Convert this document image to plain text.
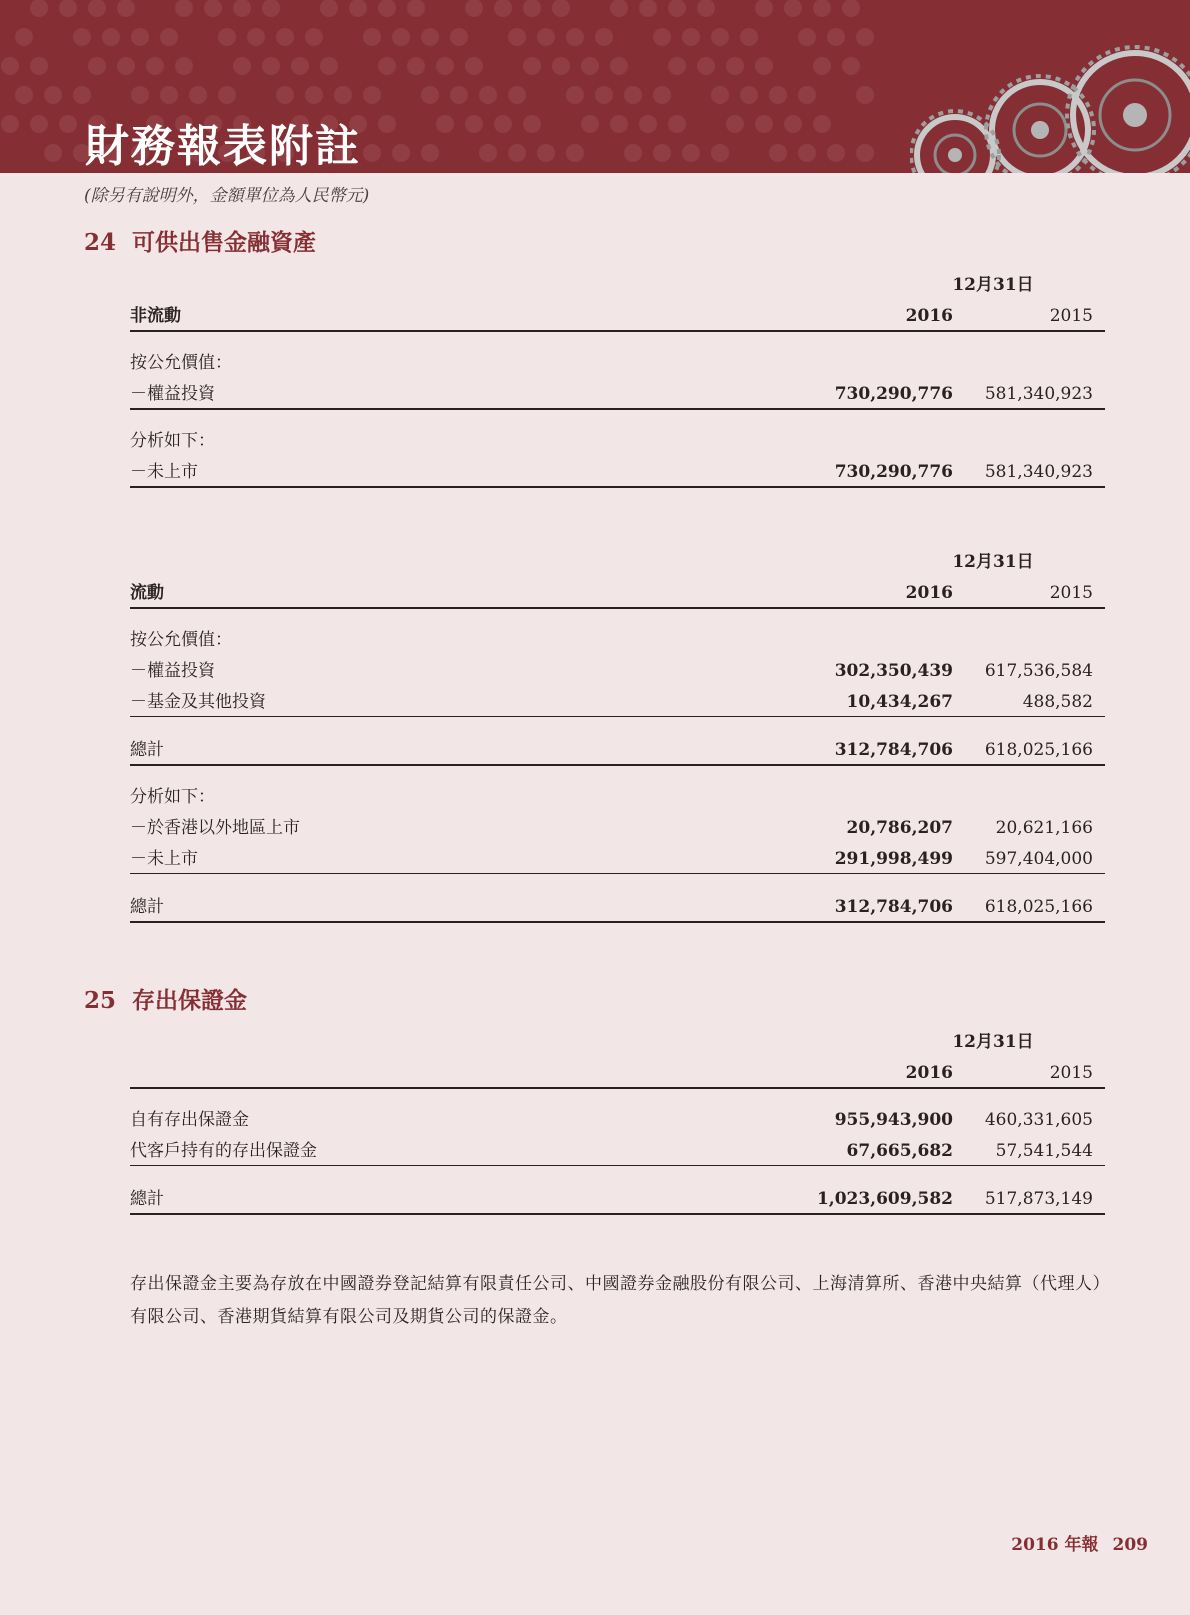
財務報表附註
(除另有說明外，金額單位為人民幣元)
24 可供出售金融資產
12月31日
非流動	2016	2015
按公允價值：
－權益投資	730,290,776 581,340,923
分析如下：
－未上市	730,290,776 581,340,923
12月31日
流動	2016	2015
按公允價值：
－權益投資	302,350,439 617,536,584
－基金及其他投資	10,434,267	488,582
總計	312,784,706 618,025,166
分析如下：
－於香港以外地區上市	20,786,207	20,621,166
－未上市	291,998,499 597,404,000
總計	312,784,706 618,025,166
25 存出保證金
12月31日
2016	2015
自有存出保證金	955,943,900 460,331,605
代客戶持有的存出保證金	67,665,682	57,541,544
總計	1,023,609,582 517,873,149
存出保證金主要為存放在中國證券登記結算有限責任公司、中國證券金融股份有限公司、上海清算所、香港中央結算（代理人）有限公司、香港期貨結算有限公司及期貨公司的保證金。
2016 年報 209
